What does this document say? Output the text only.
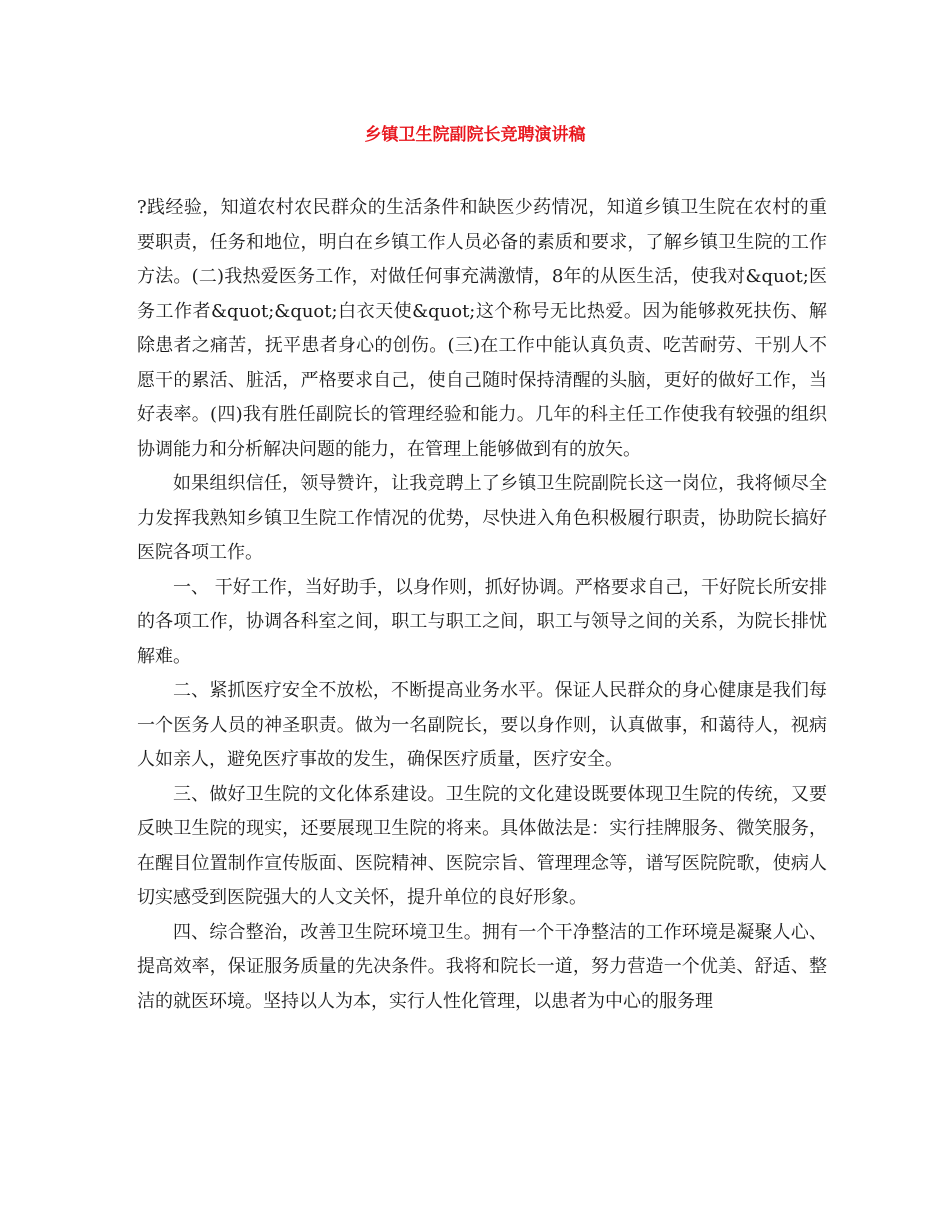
乡镇卫生院副院长竞聘演讲稿

?践经验，知道农村农民群众的生活条件和缺医少药情况，知道乡镇卫生院在农村的重要职责，任务和地位，明白在乡镇工作人员必备的素质和要求，了解乡镇卫生院的工作方法。(二)我热爱医务工作，对做任何事充满激情，8年的从医生活，使我对&quot;医务工作者&quot;&quot;白衣天使&quot;这个称号无比热爱。因为能够救死扶伤、解除患者之痛苦，抚平患者身心的创伤。(三)在工作中能认真负责、吃苦耐劳、干别人不愿干的累活、脏活，严格要求自己，使自己随时保持清醒的头脑，更好的做好工作，当好表率。(四)我有胜任副院长的管理经验和能力。几年的科主任工作使我有较强的组织协调能力和分析解决问题的能力，在管理上能够做到有的放矢。

如果组织信任，领导赞许，让我竞聘上了乡镇卫生院副院长这一岗位，我将倾尽全力发挥我熟知乡镇卫生院工作情况的优势，尽快进入角色积极履行职责，协助院长搞好医院各项工作。

一、 干好工作，当好助手，以身作则，抓好协调。严格要求自己，干好院长所安排的各项工作，协调各科室之间，职工与职工之间，职工与领导之间的关系，为院长排忧解难。

二、紧抓医疗安全不放松，不断提高业务水平。保证人民群众的身心健康是我们每一个医务人员的神圣职责。做为一名副院长，要以身作则，认真做事，和蔼待人，视病人如亲人，避免医疗事故的发生，确保医疗质量，医疗安全。

三、做好卫生院的文化体系建设。卫生院的文化建设既要体现卫生院的传统，又要反映卫生院的现实，还要展现卫生院的将来。具体做法是：实行挂牌服务、微笑服务，在醒目位置制作宣传版面、医院精神、医院宗旨、管理理念等，谱写医院院歌，使病人切实感受到医院强大的人文关怀，提升单位的良好形象。

四、综合整治，改善卫生院环境卫生。拥有一个干净整洁的工作环境是凝聚人心、提高效率，保证服务质量的先决条件。我将和院长一道，努力营造一个优美、舒适、整洁的就医环境。坚持以人为本，实行人性化管理，以患者为中心的服务理
